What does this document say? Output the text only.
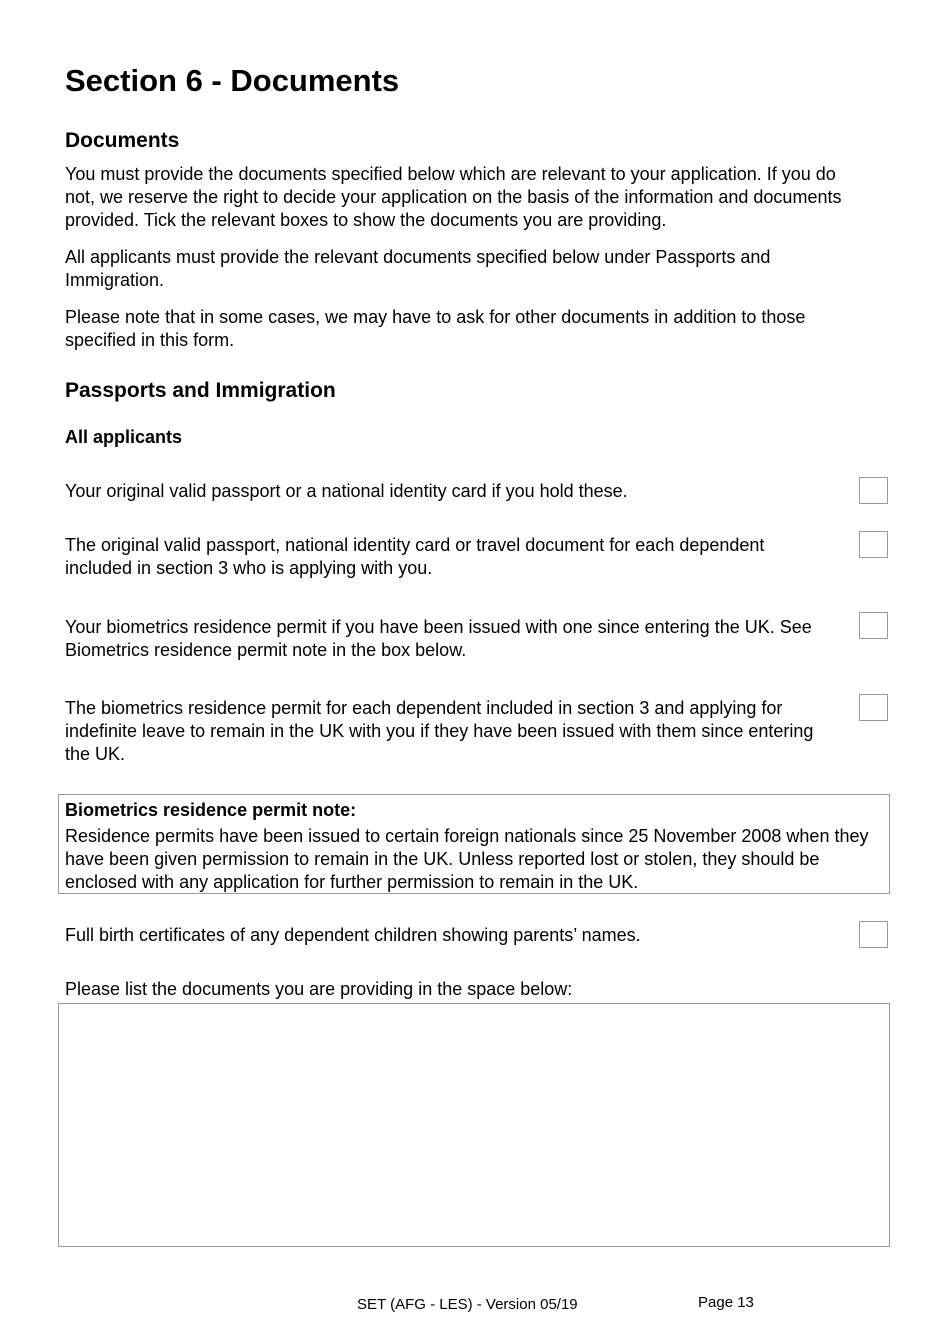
Section 6 - Documents
Documents

You must provide the documents specified below which are relevant to your application. If you do not, we reserve the right to decide your application on the basis of the information and documents provided. Tick the relevant boxes to show the documents you are providing.

All applicants must provide the relevant documents specified below under Passports and Immigration.

Please note that in some cases, we may have to ask for other documents in addition to those specified in this form.

Passports and Immigration
All applicants

Your original valid passport or a national identity card if you hold these.

The original valid passport, national identity card or travel document for each dependent included in section 3 who is applying with you.

Your biometrics residence permit if you have been issued with one since entering the UK. See Biometrics residence permit note in the box below.

The biometrics residence permit for each dependent included in section 3 and applying for indefinite leave to remain in the UK with you if they have been issued with them since entering the UK.

Biometrics residence permit note:

Residence permits have been issued to certain foreign nationals since 25 November 2008 when they have been given permission to remain in the UK. Unless reported lost or stolen, they should be enclosed with any application for further permission to remain in the UK.

Full birth certificates of any dependent children showing parents’ names.

Please list the documents you are providing in the space below:

SET (AFG - LES) - Version 05/19	Page 13
